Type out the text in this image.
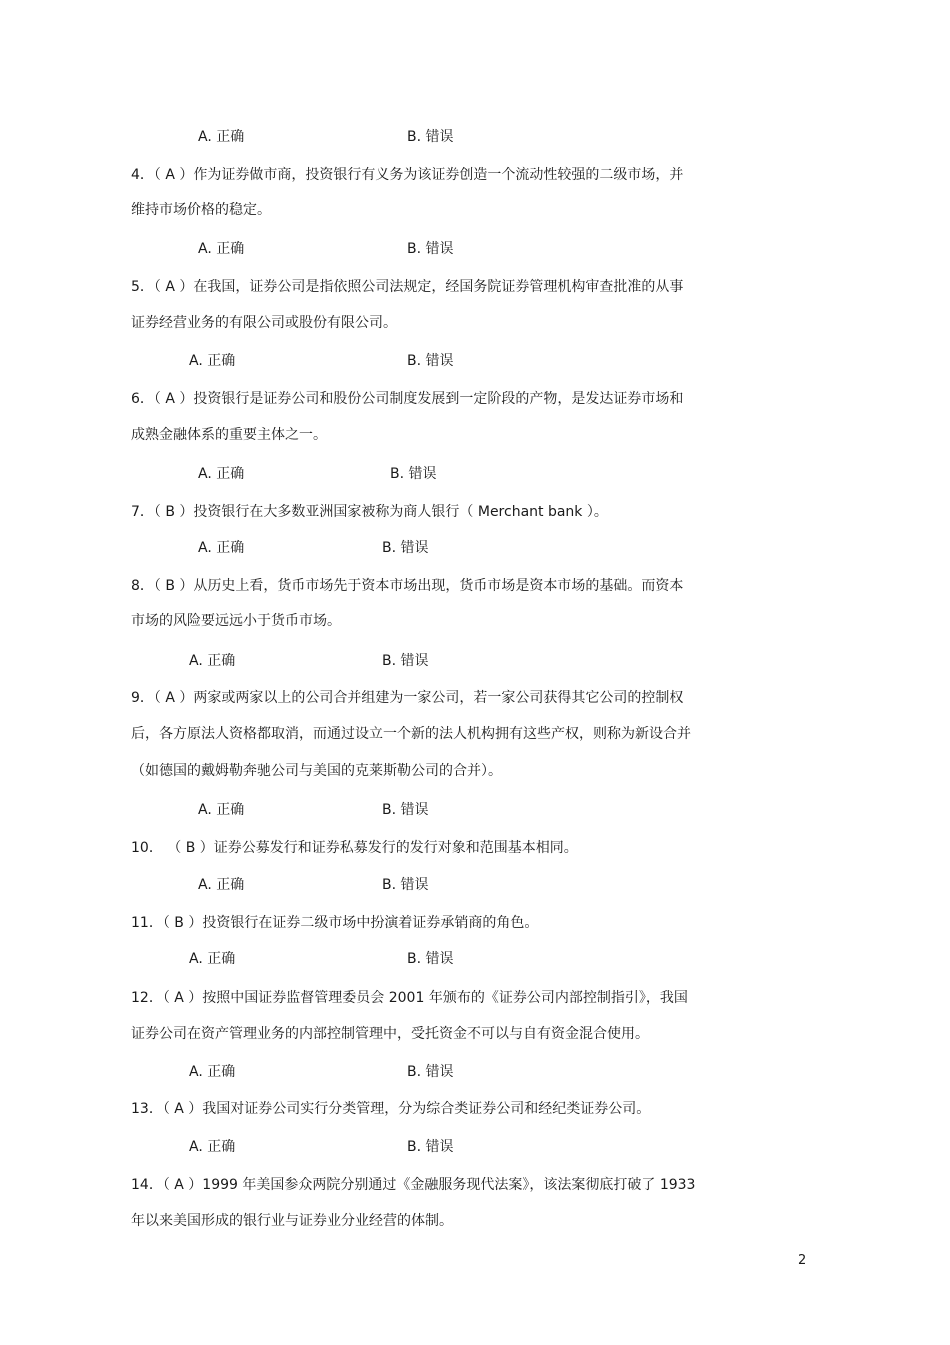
A. 正确	B. 错误
4．（ A ）作为证券做市商，投资银行有义务为该证券创造一个流动性较强的二级市场，并
维持市场价格的稳定。
A. 正确	B. 错误
5．（ A ）在我国，证券公司是指依照公司法规定，经国务院证券管理机构审查批准的从事
证券经营业务的有限公司或股份有限公司。
A. 正确	B. 错误
6．（ A ）投资银行是证券公司和股份公司制度发展到一定阶段的产物，是发达证券市场和
成熟金融体系的重要主体之一。
A. 正确	B. 错误
7．（ B ）投资银行在大多数亚洲国家被称为商人银行（ Merchant bank ）。
A. 正确	B. 错误
8．（ B ）从历史上看，货币市场先于资本市场出现，货币市场是资本市场的基础。而资本
市场的风险要远远小于货币市场。
A. 正确	B. 错误
9．（ A ）两家或两家以上的公司合并组建为一家公司，若一家公司获得其它公司的控制权
后，各方原法人资格都取消，而通过设立一个新的法人机构拥有这些产权，则称为新设合并
（如德国的戴姆勒奔驰公司与美国的克莱斯勒公司的合并）。
A. 正确	B. 错误
10． （ B ）证券公募发行和证券私募发行的发行对象和范围基本相同。
A. 正确	B. 错误
11．（ B ）投资银行在证券二级市场中扮演着证券承销商的角色。
A. 正确	B. 错误
12．（ A ）按照中国证券监督管理委员会 2001 年颁布的《证券公司内部控制指引》，我国
证券公司在资产管理业务的内部控制管理中，受托资金不可以与自有资金混合使用。
A. 正确	B. 错误
13．（ A ）我国对证券公司实行分类管理，分为综合类证券公司和经纪类证券公司。
A. 正确	B. 错误
14．（ A ）1999 年美国参众两院分别通过《金融服务现代法案》，该法案彻底打破了 1933
年以来美国形成的银行业与证券业分业经营的体制。
2
